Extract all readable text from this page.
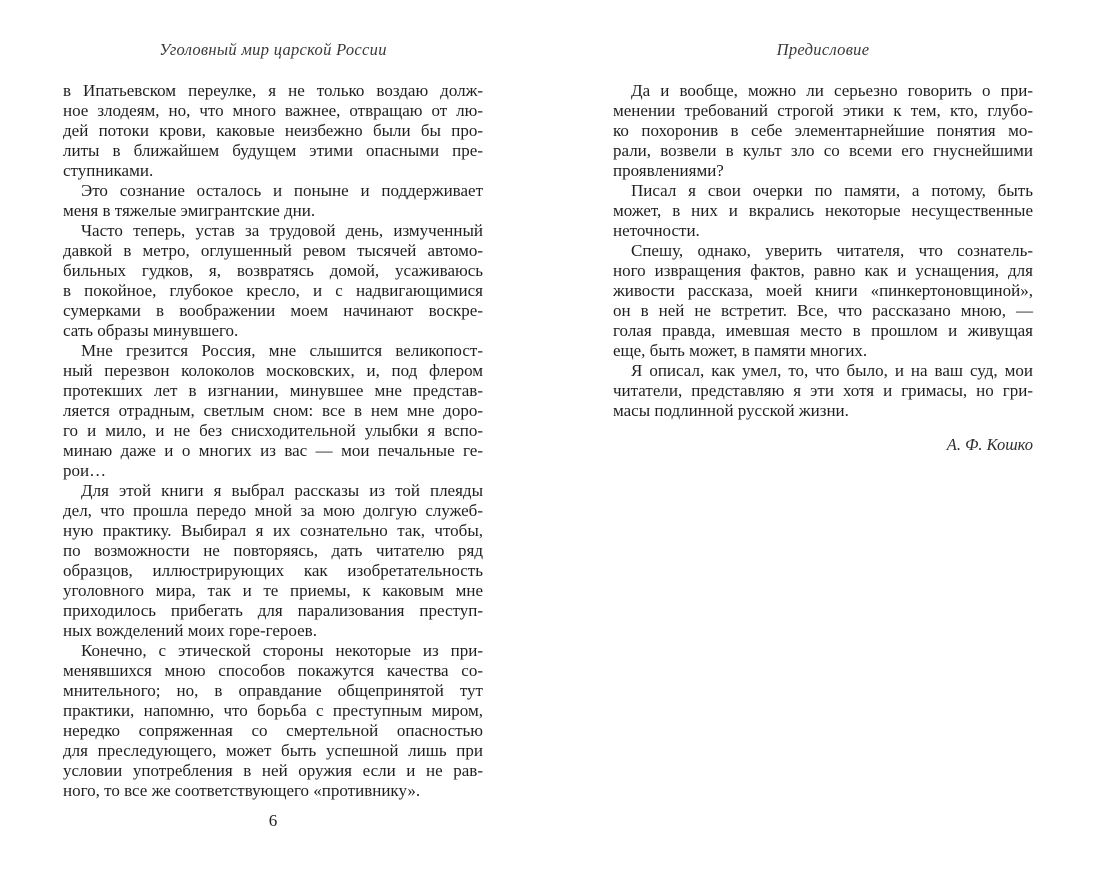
Уголовный мир царской России
в Ипатьевском переулке, я не только воздаю долж-
ное злодеям, но, что много важнее, отвращаю от лю-
дей потоки крови, каковые неизбежно были бы про-
литы в ближайшем будущем этими опасными пре-
ступниками.
Это сознание осталось и поныне и поддерживает
меня в тяжелые эмигрантские дни.
Часто теперь, устав за трудовой день, измученный
давкой в метро, оглушенный ревом тысячей автомо-
бильных гудков, я, возвратясь домой, усаживаюсь
в покойное, глубокое кресло, и с надвигающимися
сумерками в воображении моем начинают воскре-
сать образы минувшего.
Мне грезится Россия, мне слышится великопост-
ный перезвон колоколов московских, и, под флером
протекших лет в изгнании, минувшее мне представ-
ляется отрадным, светлым сном: все в нем мне доро-
го и мило, и не без снисходительной улыбки я вспо-
минаю даже и о многих из вас — мои печальные ге-
рои…
Для этой книги я выбрал рассказы из той плеяды
дел, что прошла передо мной за мою долгую служеб-
ную практику. Выбирал я их сознательно так, чтобы,
по возможности не повторяясь, дать читателю ряд
образцов, иллюстрирующих как изобретательность
уголовного мира, так и те приемы, к каковым мне
приходилось прибегать для парализования преступ-
ных вожделений моих горе-героев.
Конечно, с этической стороны некоторые из при-
менявшихся мною способов покажутся качества со-
мнительного; но, в оправдание общепринятой тут
практики, напомню, что борьба с преступным миром,
нередко сопряженная со смертельной опасностью
для преследующего, может быть успешной лишь при
условии употребления в ней оружия если и не рав-
ного, то все же соответствующего «противнику».
Предисловие
Да и вообще, можно ли серьезно говорить о при-
менении требований строгой этики к тем, кто, глубо-
ко похоронив в себе элементарнейшие понятия мо-
рали, возвели в культ зло со всеми его гнуснейшими
проявлениями?
Писал я свои очерки по памяти, а потому, быть
может, в них и вкрались некоторые несущественные
неточности.
Спешу, однако, уверить читателя, что сознатель-
ного извращения фактов, равно как и уснащения, для
живости рассказа, моей книги «пинкертоновщиной»,
он в ней не встретит. Все, что рассказано мною, —
голая правда, имевшая место в прошлом и живущая
еще, быть может, в памяти многих.
Я описал, как умел, то, что было, и на ваш суд, мои
читатели, представляю я эти хотя и гримасы, но гри-
масы подлинной русской жизни.
А. Ф. Кошко
6
